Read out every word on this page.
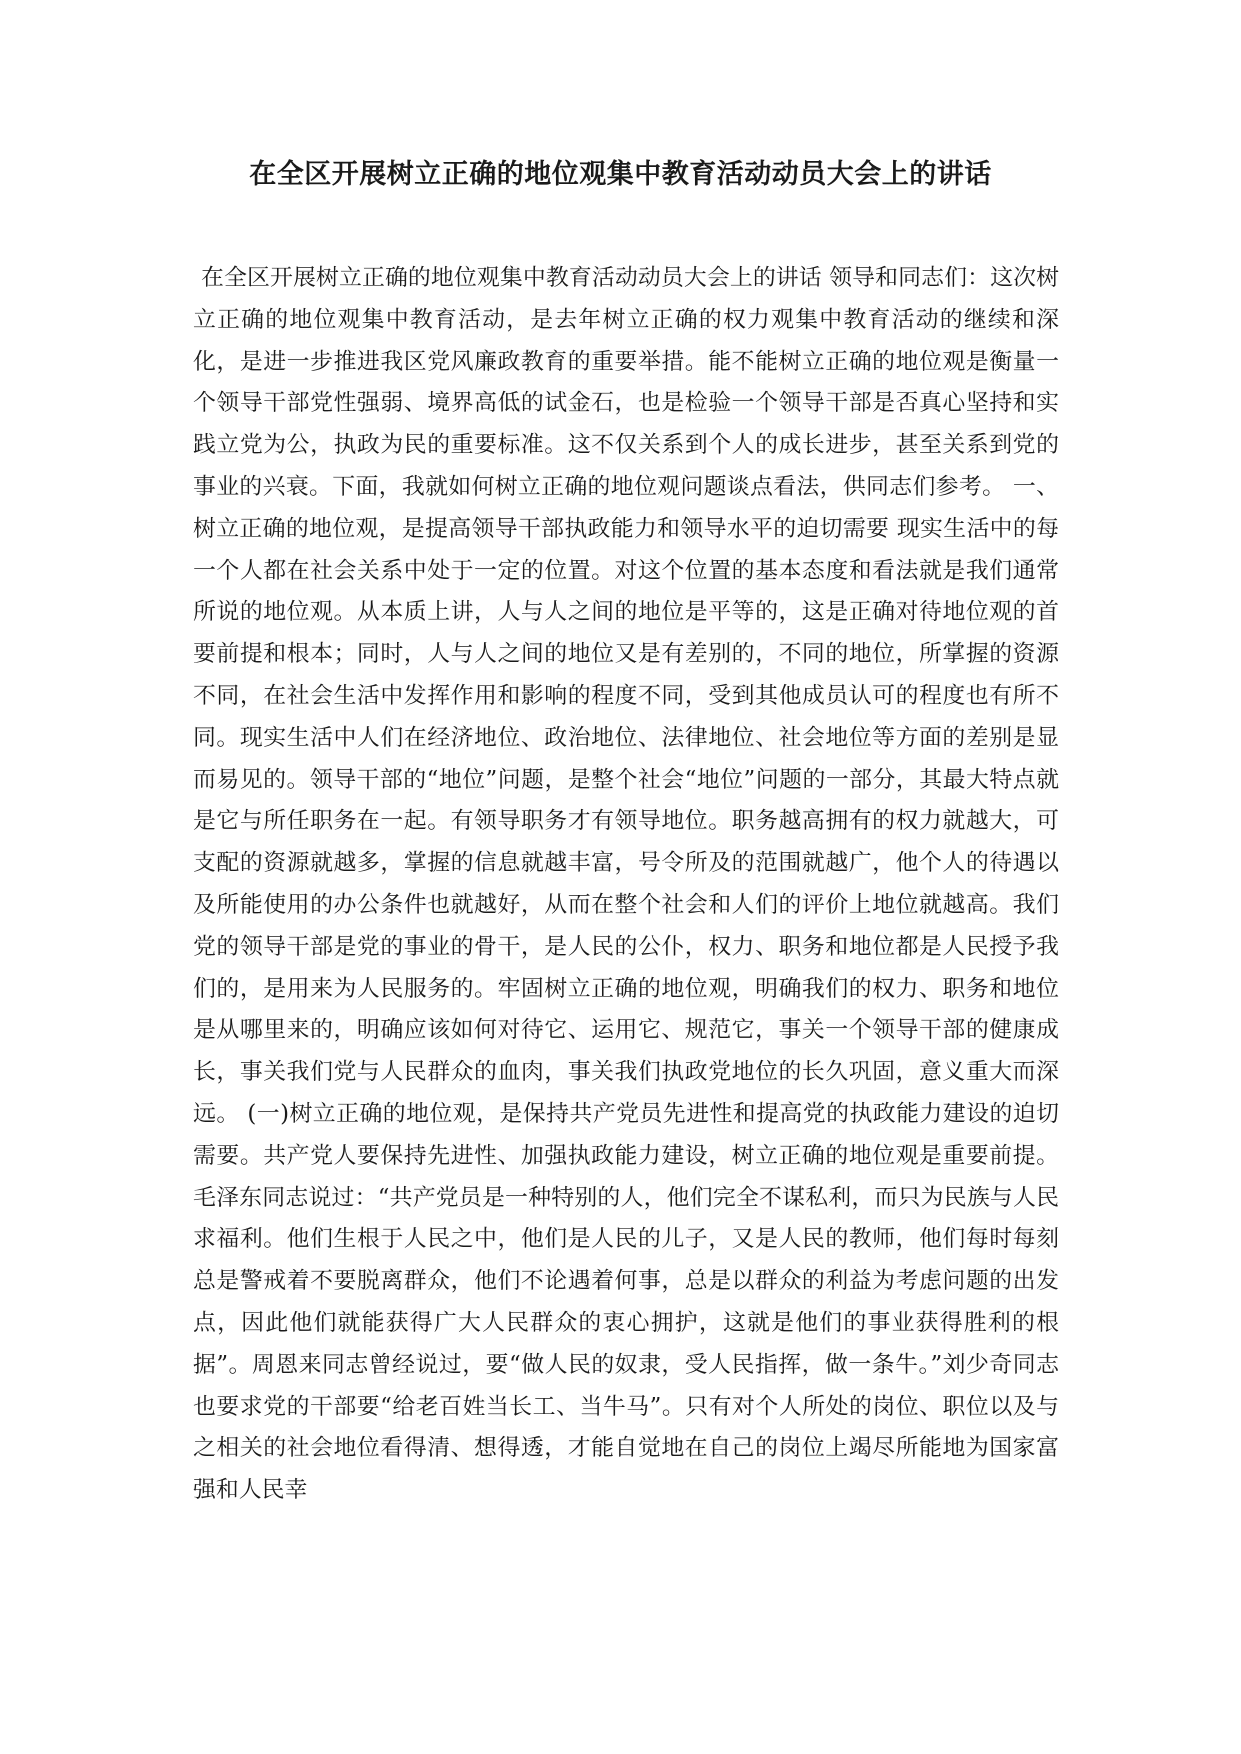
在全区开展树立正确的地位观集中教育活动动员大会上的讲话

在全区开展树立正确的地位观集中教育活动动员大会上的讲话 领导和同志们：这次树立正确的地位观集中教育活动，是去年树立正确的权力观集中教育活动的继续和深化，是进一步推进我区党风廉政教育的重要举措。能不能树立正确的地位观是衡量一个领导干部党性强弱、境界高低的试金石，也是检验一个领导干部是否真心坚持和实践立党为公，执政为民的重要标准。这不仅关系到个人的成长进步，甚至关系到党的事业的兴衰。下面，我就如何树立正确的地位观问题谈点看法，供同志们参考。 一、树立正确的地位观，是提高领导干部执政能力和领导水平的迫切需要 现实生活中的每一个人都在社会关系中处于一定的位置。对这个位置的基本态度和看法就是我们通常所说的地位观。从本质上讲，人与人之间的地位是平等的，这是正确对待地位观的首要前提和根本；同时，人与人之间的地位又是有差别的，不同的地位，所掌握的资源不同，在社会生活中发挥作用和影响的程度不同，受到其他成员认可的程度也有所不同。现实生活中人们在经济地位、政治地位、法律地位、社会地位等方面的差别是显而易见的。领导干部的“地位”问题，是整个社会“地位”问题的一部分，其最大特点就是它与所任职务在一起。有领导职务才有领导地位。职务越高拥有的权力就越大，可支配的资源就越多，掌握的信息就越丰富，号令所及的范围就越广，他个人的待遇以及所能使用的办公条件也就越好，从而在整个社会和人们的评价上地位就越高。我们党的领导干部是党的事业的骨干，是人民的公仆，权力、职务和地位都是人民授予我们的，是用来为人民服务的。牢固树立正确的地位观，明确我们的权力、职务和地位是从哪里来的，明确应该如何对待它、运用它、规范它，事关一个领导干部的健康成长，事关我们党与人民群众的血肉，事关我们执政党地位的长久巩固，意义重大而深远。 (一)树立正确的地位观，是保持共产党员先进性和提高党的执政能力建设的迫切需要。共产党人要保持先进性、加强执政能力建设，树立正确的地位观是重要前提。毛泽东同志说过：“共产党员是一种特别的人，他们完全不谋私利，而只为民族与人民求福利。他们生根于人民之中，他们是人民的儿子，又是人民的教师，他们每时每刻总是警戒着不要脱离群众，他们不论遇着何事，总是以群众的利益为考虑问题的出发点，因此他们就能获得广大人民群众的衷心拥护，这就是他们的事业获得胜利的根据”。周恩来同志曾经说过，要“做人民的奴隶，受人民指挥，做一条牛。”刘少奇同志也要求党的干部要“给老百姓当长工、当牛马”。只有对个人所处的岗位、职位以及与之相关的社会地位看得清、想得透，才能自觉地在自己的岗位上竭尽所能地为国家富强和人民幸
